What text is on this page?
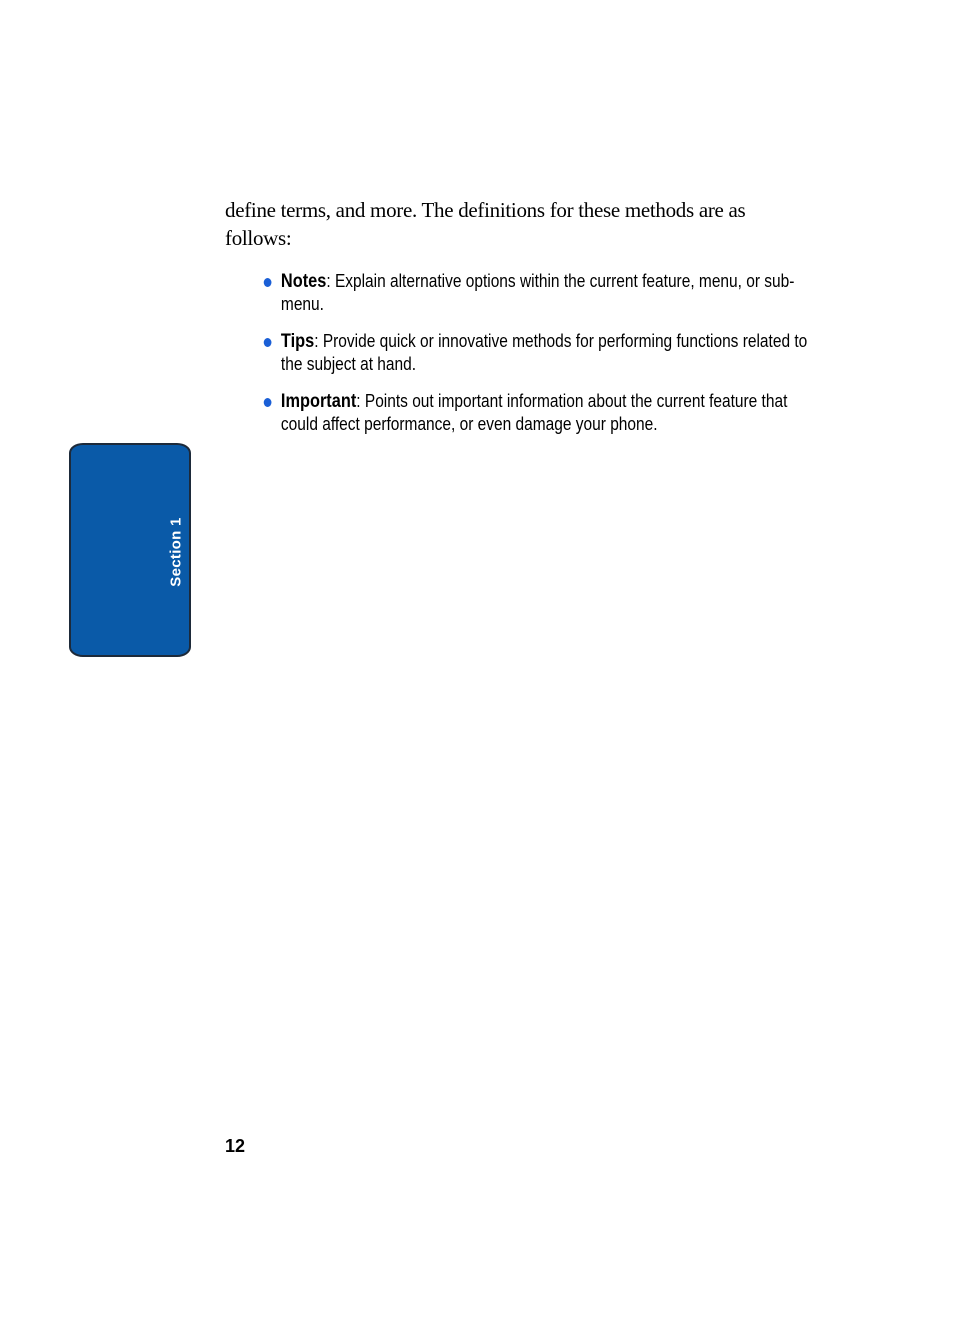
define terms, and more. The definitions for these methods are as follows:

Notes: Explain alternative options within the current feature, menu, or sub-menu.
Tips: Provide quick or innovative methods for performing functions related to the subject at hand.
Important: Points out important information about the current feature that could affect performance, or even damage your phone.
Section 1
12
